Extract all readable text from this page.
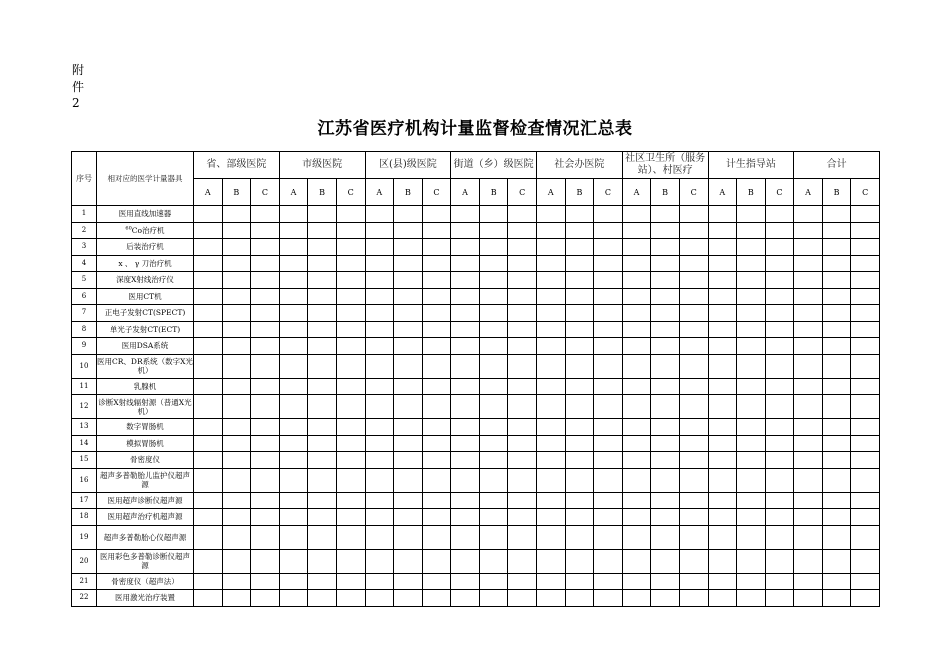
附
件
2
江苏省医疗机构计量监督检查情况汇总表
序号	相对应的医学计量器具	省、部级医院			市级医院			区(县)级医院			街道（乡）级医院			社会办医院			社区卫生所（服务站）、村医疗			计生指导站			合计		
		A	B	C	A	B	C	A	B	C	A	B	C	A	B	C	A	B	C	A	B	C	A	B	C
1	医用直线加速器																								
2	$^{60}$Co治疗机																								
3	后装治疗机																								
4	x 、 γ 刀治疗机																								
5	深度X射线治疗仪																								
6	医用CT机																								
7	正电子发射CT(SPECT)																								
8	单光子发射CT(ECT)																								
9	医用DSA系统																								
10	医用CR、DR系统（数字X光机）																								
11	乳腺机																								
12	诊断X射线辐射源（普通X光机）																								
13	数字胃肠机																								
14	模拟胃肠机																								
15	骨密度仪																								
16	超声多普勒胎儿监护仪超声源																								
17	医用超声诊断仪超声源																								
18	医用超声治疗机超声源																								
19	超声多普勒胎心仪超声源																								
20	医用彩色多普勒诊断仪超声源																								
21	骨密度仪（超声法）																								
22	医用激光治疗装置																								
